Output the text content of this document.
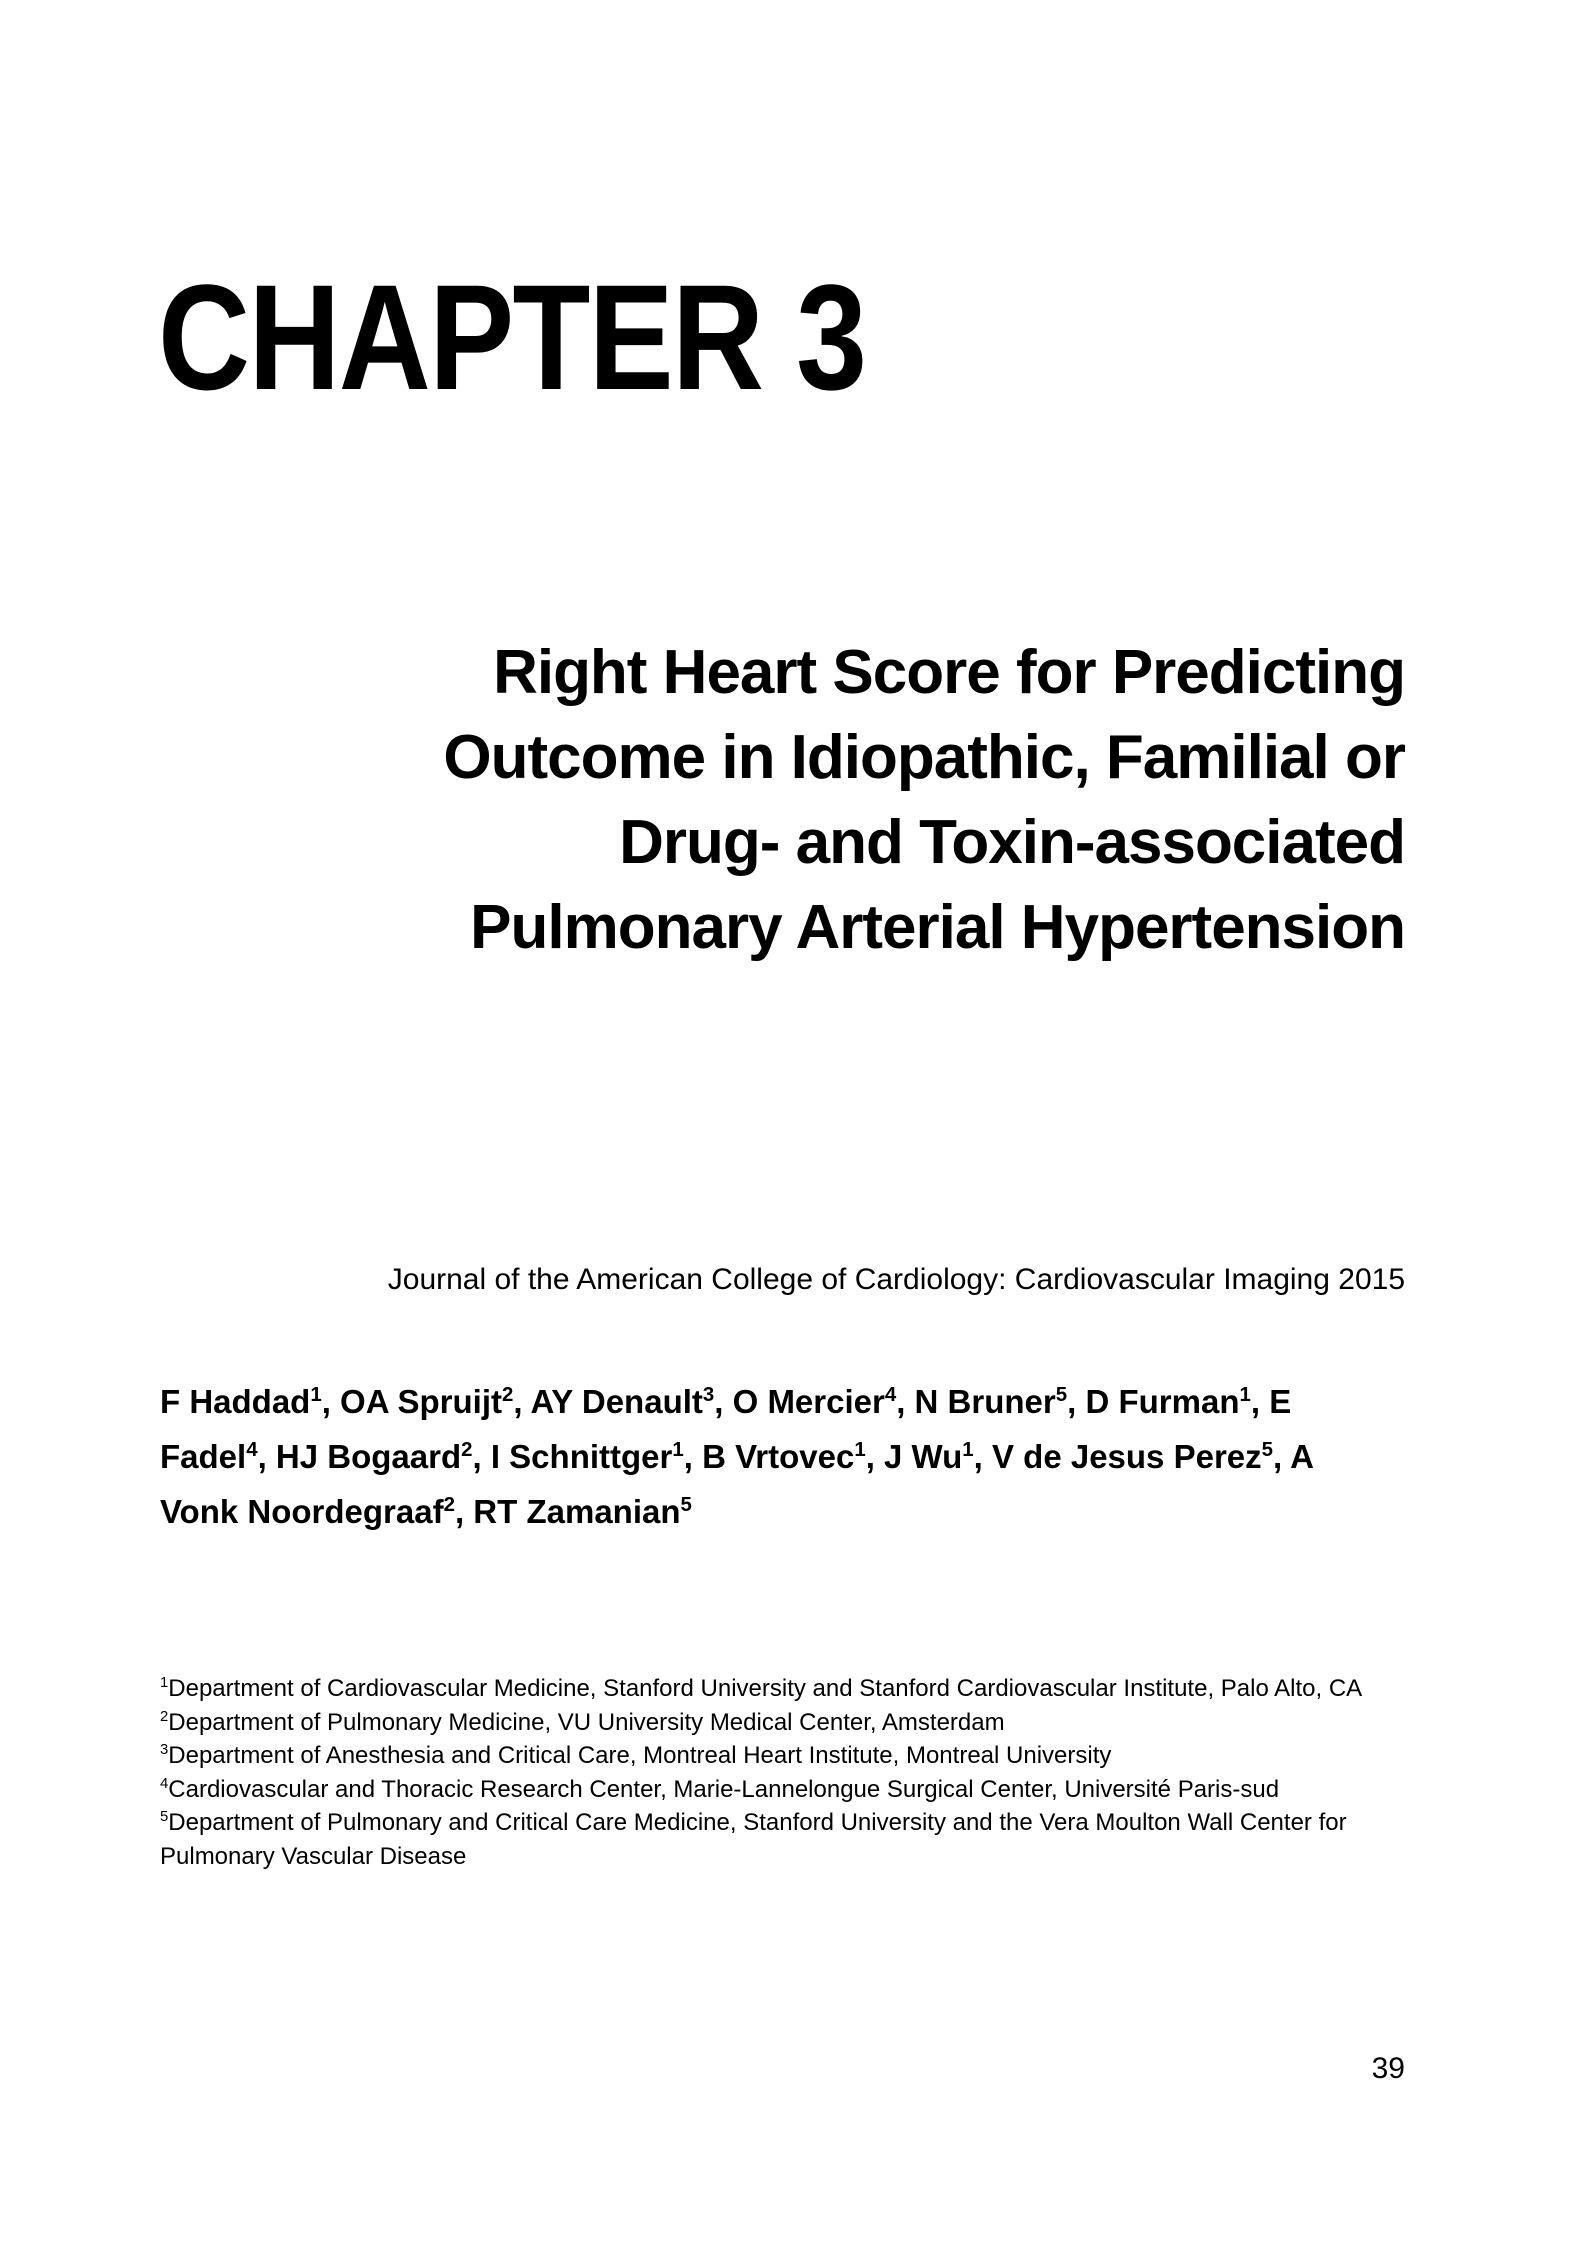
CHAPTER 3
Right Heart Score for Predicting
Outcome in Idiopathic, Familial or
Drug- and Toxin-associated
Pulmonary Arterial Hypertension
Journal of the American College of Cardiology: Cardiovascular Imaging 2015
F Haddad$^1$, OA Spruijt$^2$, AY Denault$^3$, O Mercier$^4$, N Bruner$^5$, D Furman$^1$, E
Fadel$^4$, HJ Bogaard$^2$, I Schnittger$^1$, B Vrtovec$^1$, J Wu$^1$, V de Jesus Perez$^5$, A
Vonk Noordegraaf$^2$, RT Zamanian$^5$
$^1$Department of Cardiovascular Medicine, Stanford University and Stanford Cardiovascular Institute, Palo Alto, CA
$^2$Department of Pulmonary Medicine, VU University Medical Center, Amsterdam
$^3$Department of Anesthesia and Critical Care, Montreal Heart Institute, Montreal University
$^4$Cardiovascular and Thoracic Research Center, Marie-Lannelongue Surgical Center, Université Paris-sud
$^5$Department of Pulmonary and Critical Care Medicine, Stanford University and the Vera Moulton Wall Center for Pulmonary Vascular Disease
39
